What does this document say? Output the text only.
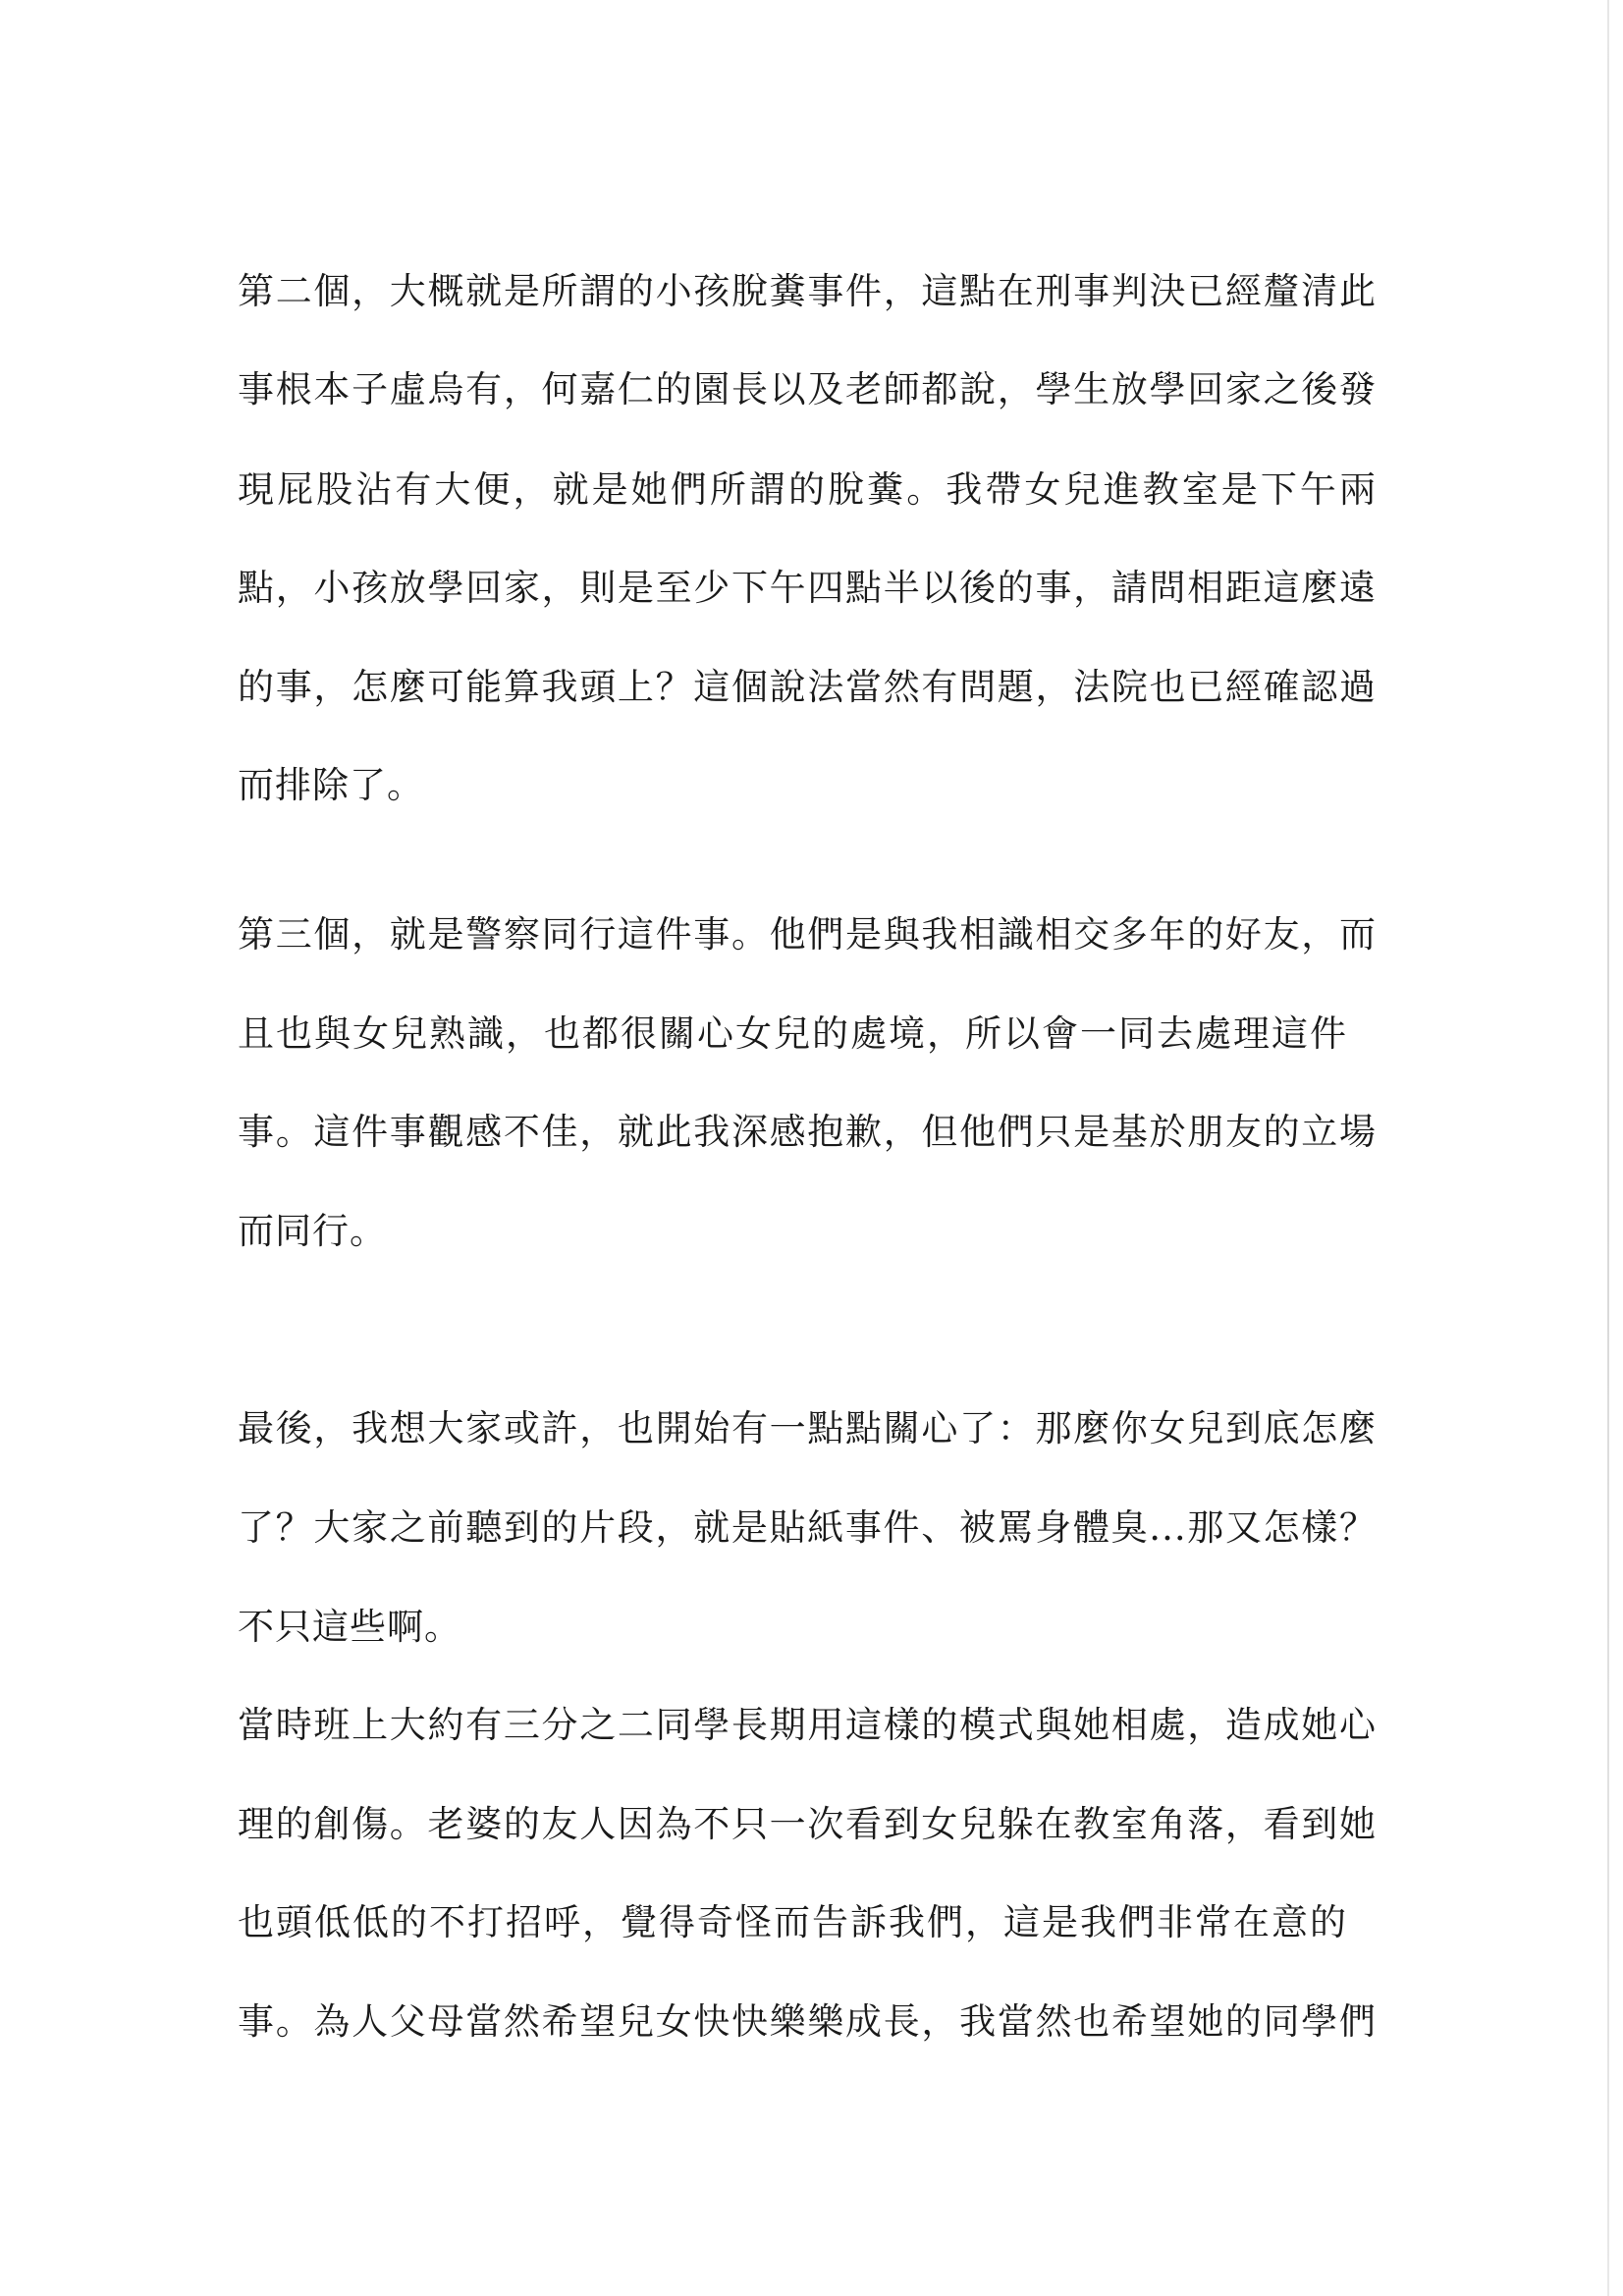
第二個，大概就是所謂的小孩脫糞事件，這點在刑事判決已經釐清此
事根本子虛烏有，何嘉仁的園長以及老師都說，學生放學回家之後發
現屁股沾有大便，就是她們所謂的脫糞。我帶女兒進教室是下午兩
點，小孩放學回家，則是至少下午四點半以後的事，請問相距這麼遠
的事，怎麼可能算我頭上？這個說法當然有問題，法院也已經確認過
而排除了。
第三個，就是警察同行這件事。他們是與我相識相交多年的好友，而
且也與女兒熟識，也都很關心女兒的處境，所以會一同去處理這件
事。這件事觀感不佳，就此我深感抱歉，但他們只是基於朋友的立場
而同行。
最後，我想大家或許，也開始有一點點關心了：那麼你女兒到底怎麼
了？大家之前聽到的片段，就是貼紙事件、被罵身體臭...那又怎樣？
不只這些啊。
當時班上大約有三分之二同學長期用這樣的模式與她相處，造成她心
理的創傷。老婆的友人因為不只一次看到女兒躲在教室角落，看到她
也頭低低的不打招呼，覺得奇怪而告訴我們，這是我們非常在意的
事。為人父母當然希望兒女快快樂樂成長，我當然也希望她的同學們
